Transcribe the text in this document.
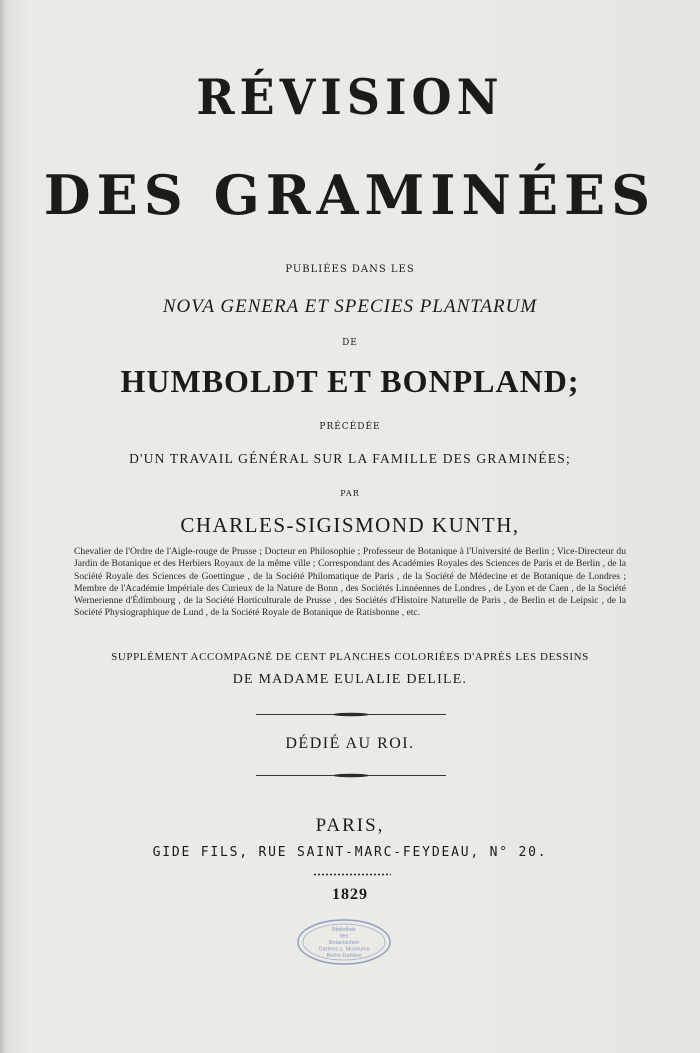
RÉVISION
DES GRAMINÉES
PUBLIÉES DANS LES
NOVA GENERA ET SPECIES PLANTARUM
DE
HUMBOLDT ET BONPLAND;
PRÉCÉDÉE
D'UN TRAVAIL GÉNÉRAL SUR LA FAMILLE DES GRAMINÉES;
PAR
CHARLES-SIGISMOND KUNTH,
Chevalier de l'Ordre de l'Aigle-rouge de Prusse ; Docteur en Philosophie ; Professeur de Botanique à l'Université de Berlin ; Vice-Directeur du Jardin de Botanique et des Herbiers Royaux de la même ville ; Correspondant des Académies Royales des Sciences de Paris et de Berlin , de la Société Royale des Sciences de Goettingue , de la Société Philomatique de Paris , de la Société de Médecine et de Botanique de Londres ; Membre de l'Académie Impériale des Curieux de la Nature de Bonn , des Sociétés Linnéennes de Londres , de Lyon et de Caen , de la Société Wernerienne d'Édimbourg , de la Société Horticulturale de Prusse , des Sociétés d'Histoire Naturelle de Paris , de Berlin et de Leipsic , de la Société Physiographique de Lund , de la Société Royale de Botanique de Ratisbonne , etc.
SUPPLÉMENT ACCOMPAGNÉ DE CENT PLANCHES COLORIÉES D'APRÈS LES DESSINS
DE MADAME EULALIE DELILE.
DÉDIÉ AU ROI.
PARIS,
GIDE FILS, RUE SAINT-MARC-FEYDEAU, N° 20.
1829
Bibliothek
des
Botanischen
Gartens u. Museums
Berlin-Dahlem
